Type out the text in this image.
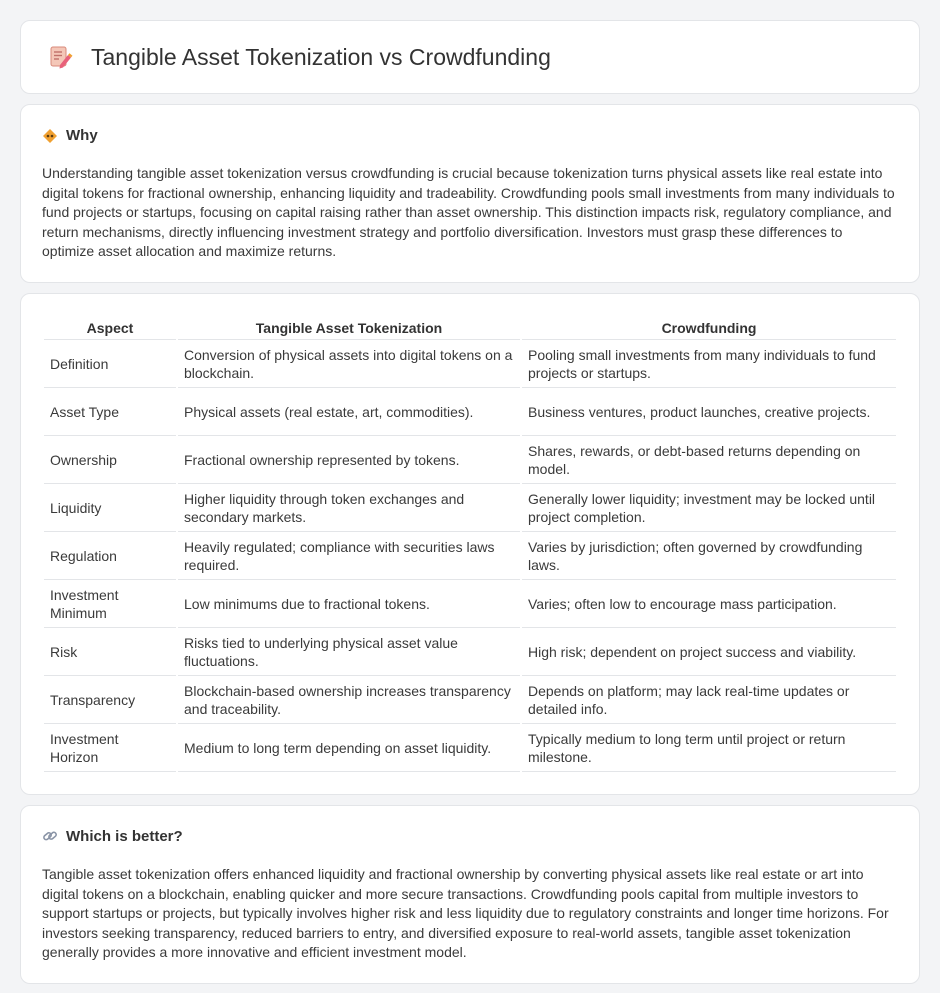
Tangible Asset Tokenization vs Crowdfunding
Why

Understanding tangible asset tokenization versus crowdfunding is crucial because tokenization turns physical assets like real estate into digital tokens for fractional ownership, enhancing liquidity and tradeability. Crowdfunding pools small investments from many individuals to fund projects or startups, focusing on capital raising rather than asset ownership. This distinction impacts risk, regulatory compliance, and return mechanisms, directly influencing investment strategy and portfolio diversification. Investors must grasp these differences to optimize asset allocation and maximize returns.

Aspect	Tangible Asset Tokenization	Crowdfunding
Definition	Conversion of physical assets into digital tokens on a blockchain.	Pooling small investments from many individuals to fund projects or startups.
Asset Type	Physical assets (real estate, art, commodities).	Business ventures, product launches, creative projects.
Ownership	Fractional ownership represented by tokens.	Shares, rewards, or debt-based returns depending on model.
Liquidity	Higher liquidity through token exchanges and secondary markets.	Generally lower liquidity; investment may be locked until project completion.
Regulation	Heavily regulated; compliance with securities laws required.	Varies by jurisdiction; often governed by crowdfunding laws.
Investment Minimum	Low minimums due to fractional tokens.	Varies; often low to encourage mass participation.
Risk	Risks tied to underlying physical asset value fluctuations.	High risk; dependent on project success and viability.
Transparency	Blockchain-based ownership increases transparency and traceability.	Depends on platform; may lack real-time updates or detailed info.
Investment Horizon	Medium to long term depending on asset liquidity.	Typically medium to long term until project or return milestone.
Which is better?

Tangible asset tokenization offers enhanced liquidity and fractional ownership by converting physical assets like real estate or art into digital tokens on a blockchain, enabling quicker and more secure transactions. Crowdfunding pools capital from multiple investors to support startups or projects, but typically involves higher risk and less liquidity due to regulatory constraints and longer time horizons. For investors seeking transparency, reduced barriers to entry, and diversified exposure to real-world assets, tangible asset tokenization generally provides a more innovative and efficient investment model.
